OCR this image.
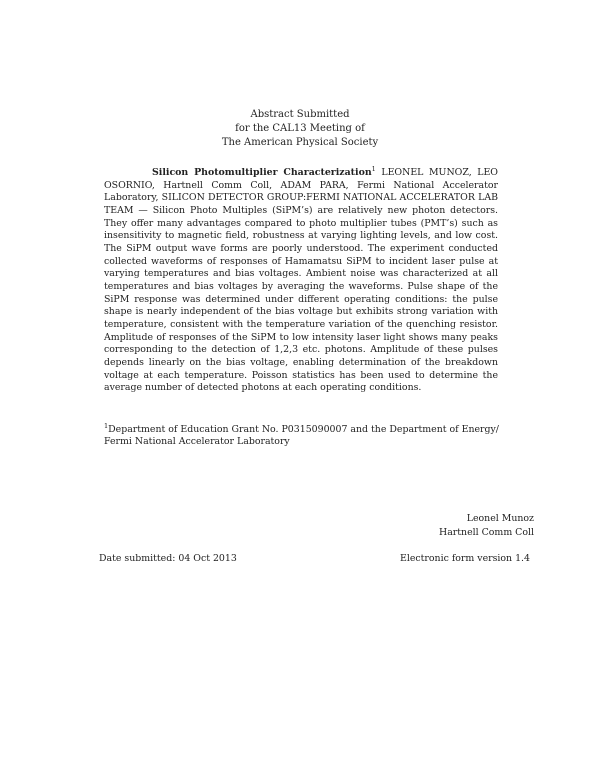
Abstract Submitted
for the CAL13 Meeting of
The American Physical Society

Silicon Photomultiplier Characterization$^1$ LEONEL MUNOZ, LEO OSORNIO, Hartnell Comm Coll, ADAM PARA, Fermi National Accelerator Laboratory, SILICON DETECTOR GROUP:FERMI NATIONAL ACCELERATOR LAB TEAM — Silicon Photo Multiples (SiPM’s) are relatively new photon detectors. They offer many advantages compared to photo multiplier tubes (PMT’s) such as insensitivity to magnetic field, robustness at varying lighting levels, and low cost. The SiPM output wave forms are poorly understood. The experiment conducted collected waveforms of responses of Hamamatsu SiPM to incident laser pulse at varying temperatures and bias voltages. Ambient noise was characterized at all temperatures and bias voltages by averaging the waveforms. Pulse shape of the SiPM response was determined under different operating conditions: the pulse shape is nearly independent of the bias voltage but exhibits strong variation with temperature, consistent with the temperature variation of the quenching resistor. Amplitude of responses of the SiPM to low intensity laser light shows many peaks corresponding to the detection of 1,2,3 etc. photons. Amplitude of these pulses depends linearly on the bias voltage, enabling determination of the breakdown voltage at each temperature. Poisson statistics has been used to determine the average number of detected photons at each operating conditions.

$^1$Department of Education Grant No. P0315090007 and the Department of Energy/
Fermi National Accelerator Laboratory
Leonel Munoz
Hartnell Comm Coll
Date submitted: 04 Oct 2013	Electronic form version 1.4
